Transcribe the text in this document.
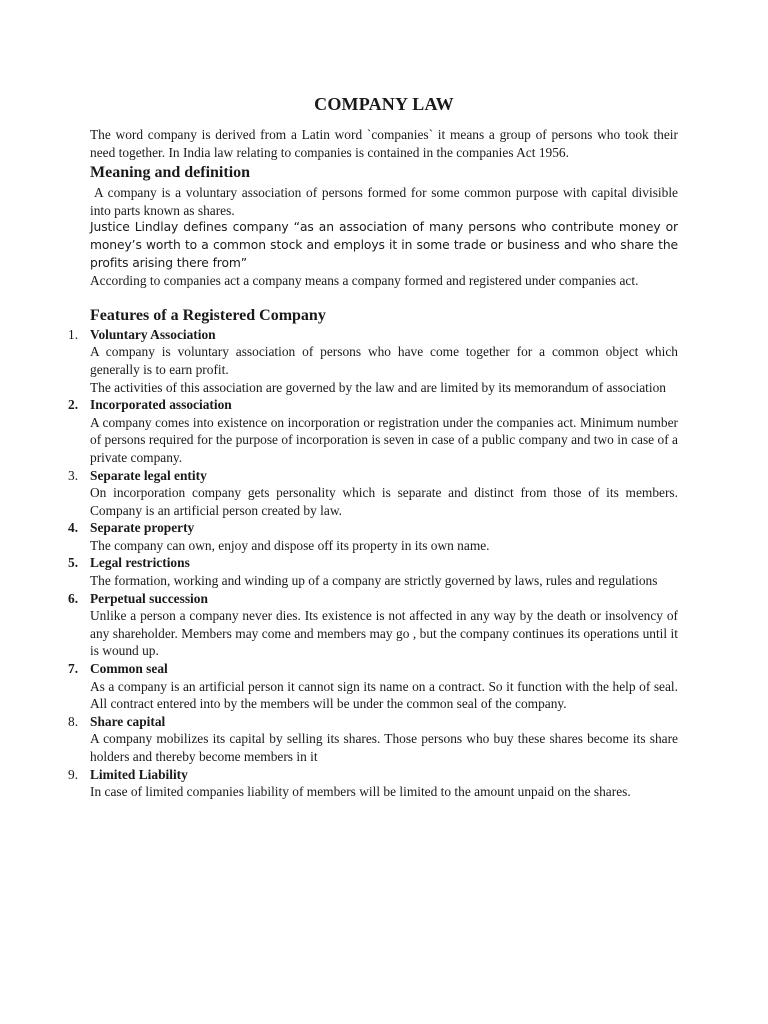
COMPANY LAW

The word company is derived from a Latin word `companies` it means a group of persons who took their need together. In India law relating to companies is contained in the companies Act 1956.

Meaning and definition

A company is a voluntary association of persons formed for some common purpose with capital divisible into parts known as shares.

Justice Lindlay defines company “as an association of many persons who contribute money or money’s worth to a common stock and employs it in some trade or business and who share the profits arising there from”

According to companies act a company means a company formed and registered under companies act.

Features of a Registered Company
1. Voluntary Association

A company is voluntary association of persons who have come together for a common object which generally is to earn profit.

The activities of this association are governed by the law and are limited by its memorandum of association

2. Incorporated association

A company comes into existence on incorporation or registration under the companies act. Minimum number of persons required for the purpose of incorporation is seven in case of a public company and two in case of a private company.

3. Separate legal entity

On incorporation company gets personality which is separate and distinct from those of its members. Company is an artificial person created by law.

4. Separate property

The company can own, enjoy and dispose off its property in its own name.

5. Legal restrictions

The formation, working and winding up of a company are strictly governed by laws, rules and regulations

6. Perpetual succession

Unlike a person a company never dies. Its existence is not affected in any way by the death or insolvency of any shareholder. Members may come and members may go , but the company continues its operations until it is wound up.

7. Common seal

As a company is an artificial person it cannot sign its name on a contract. So it function with the help of seal. All contract entered into by the members will be under the common seal of the company.

8. Share capital

A company mobilizes its capital by selling its shares. Those persons who buy these shares become its share holders and thereby become members in it

9. Limited Liability

In case of limited companies liability of members will be limited to the amount unpaid on the shares.
